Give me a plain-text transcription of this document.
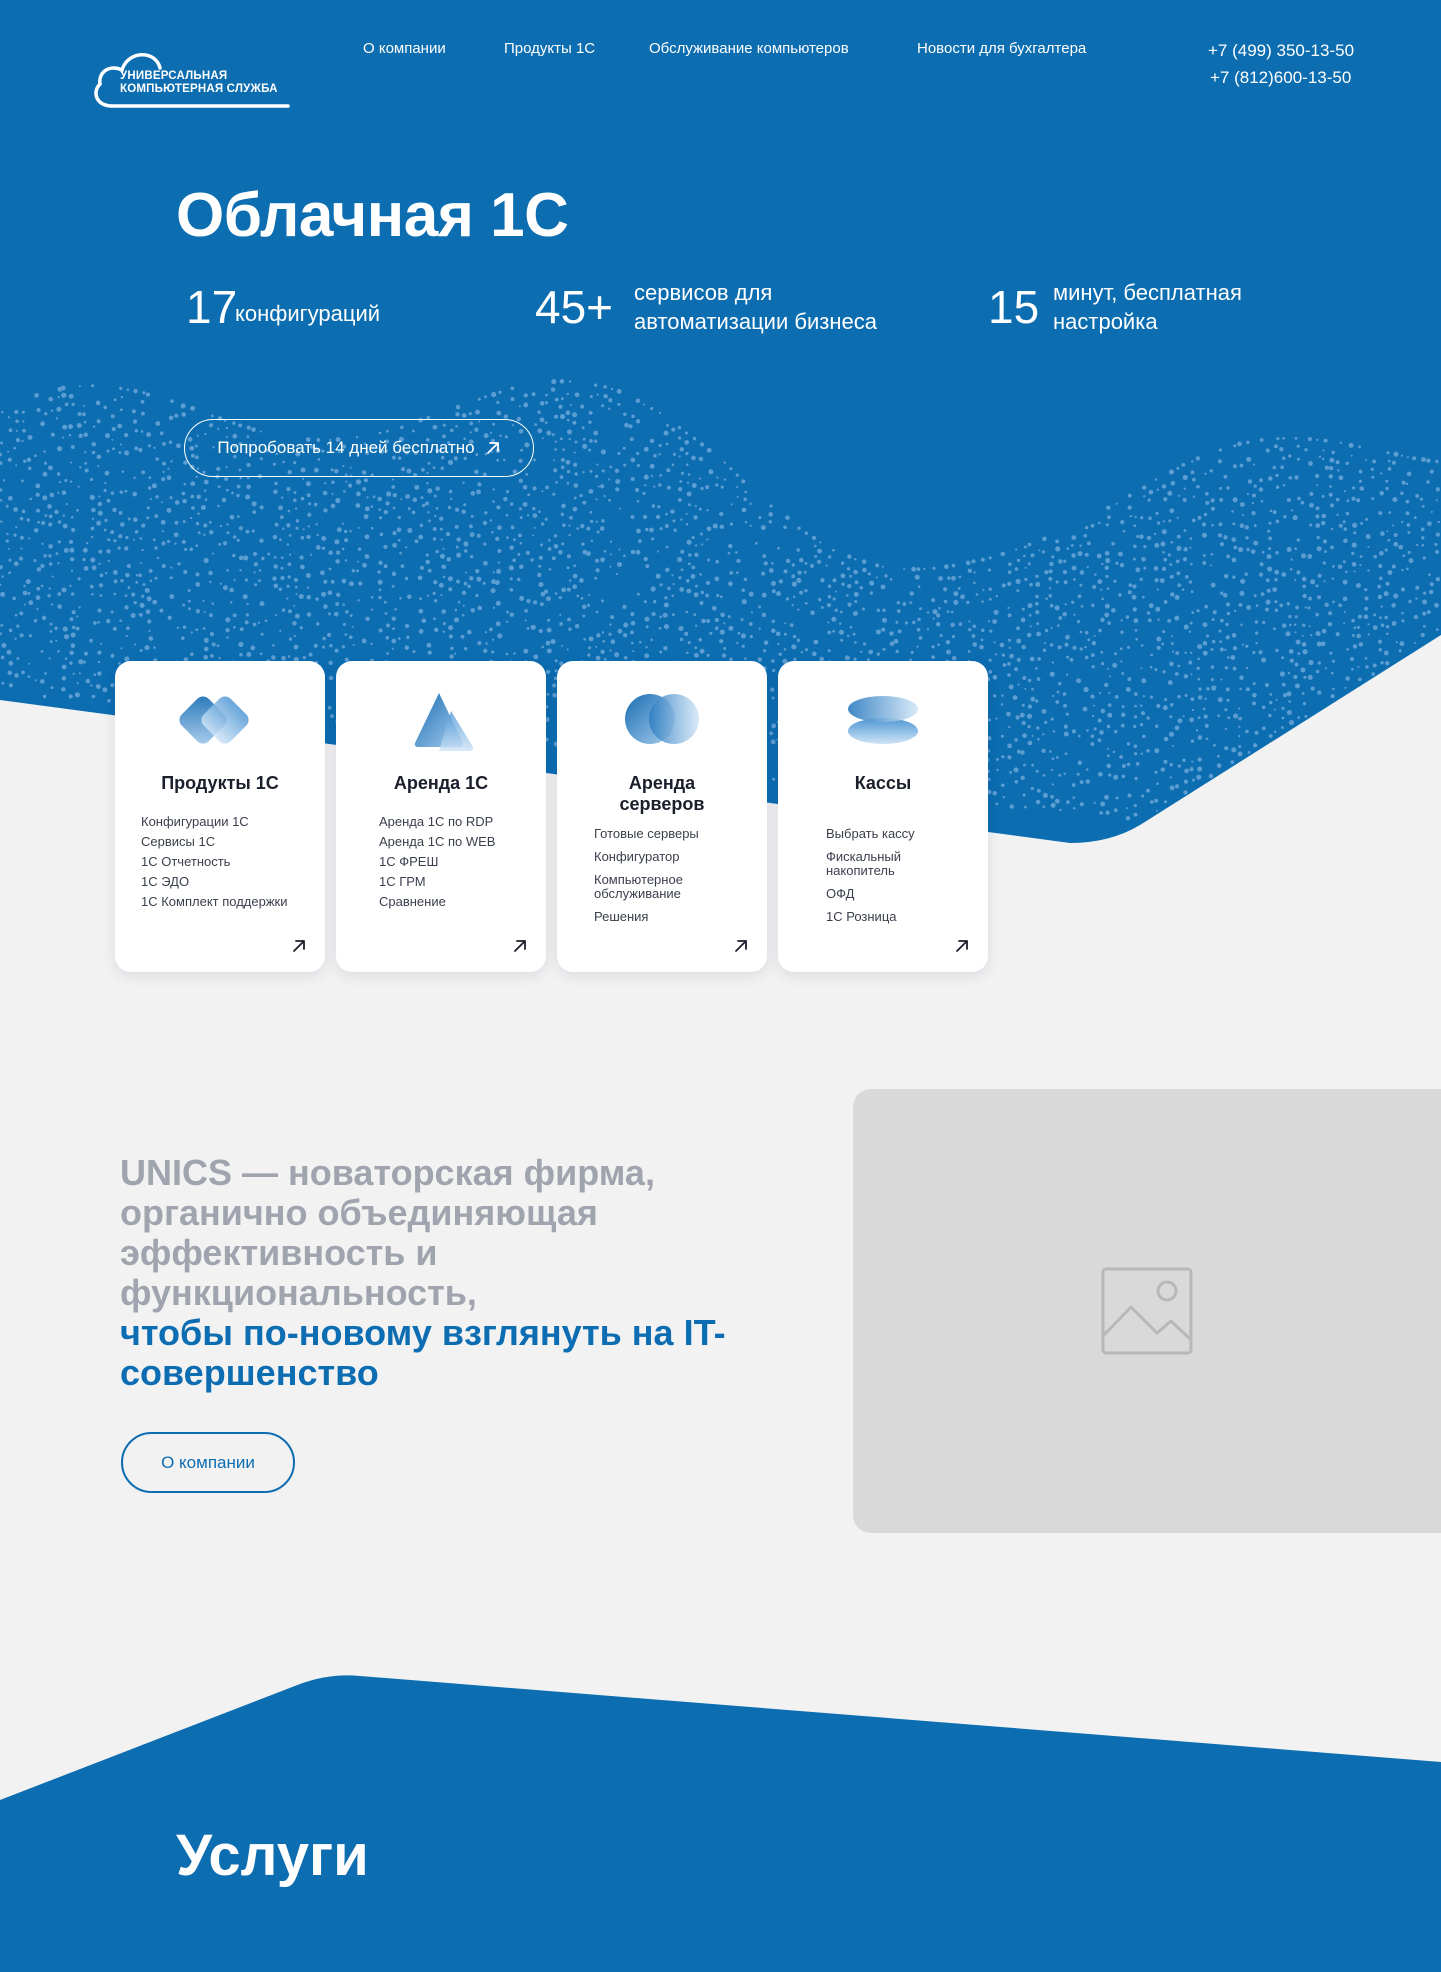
УНИВЕРСАЛЬНАЯ
КОМПЬЮТЕРНАЯ СЛУЖБА
О компании	Продукты 1С	Обслуживание компьютеров	Новости для бухгалтера	+7 (499) 350-13-50
+7 (812)600-13-50
Облачная 1С
17
конфигураций	45+ сервисов для
автоматизации бизнеса 15 минут, бесплатная
настройка
Попробовать 14 дней бесплатно
Продукты 1С
Конфигурации 1С
Сервисы 1С
1С Отчетность
1С ЭДО
1С Комплект поддержки
Аренда 1С
Аренда 1С по RDP
Аренда 1С по WEB
1С ФРЕШ
1С ГРМ
Сравнение
Аренда
серверов
Готовые серверы
Конфигуратор
Компьютерное обслуживание
Решения
Кассы
Выбрать кассу
Фискальный накопитель
ОФД
1С Розница
UNICS — новаторская фирма, органично объединяющая эффективность и функциональность,
чтобы по-новому взглянуть на IT-совершенство
О компании
Услуги
